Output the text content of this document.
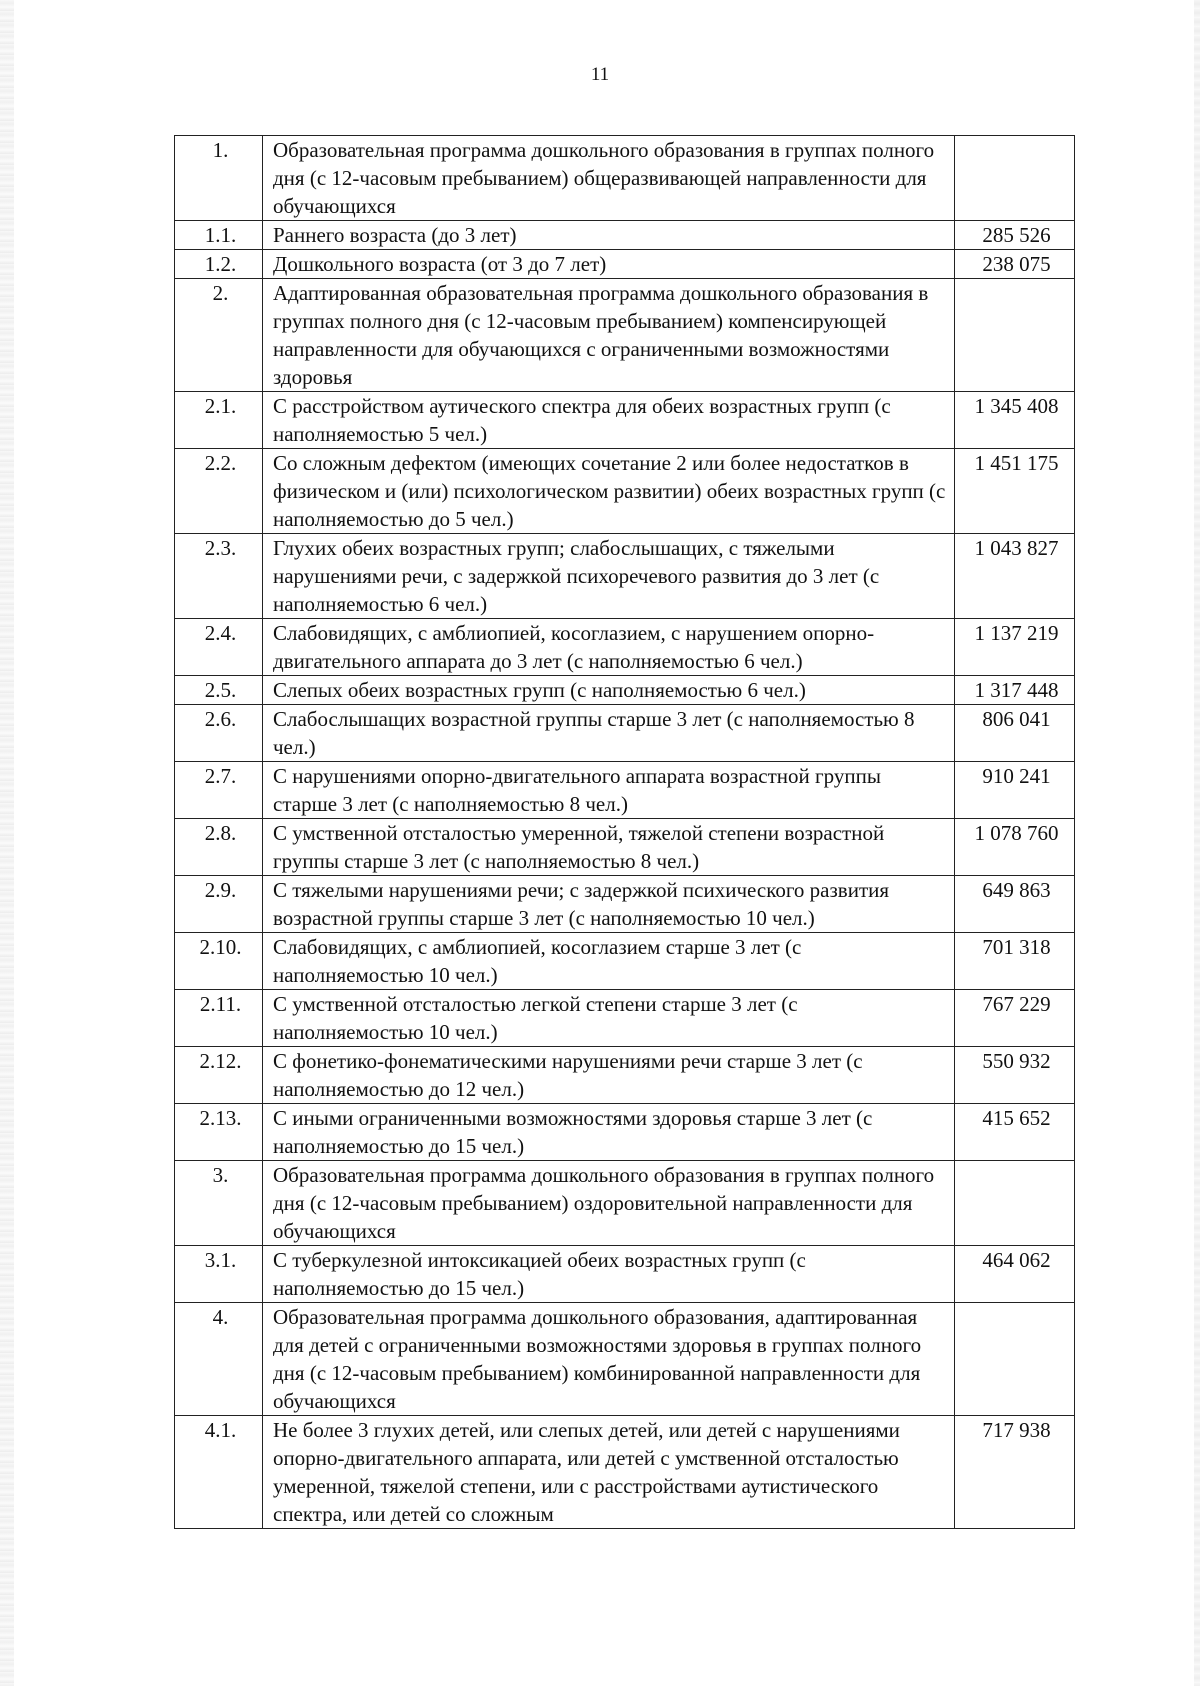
11
1.	Образовательная программа дошкольного образования в группах полного дня (с 12-часовым пребыванием) общеразвивающей направленности для обучающихся	
1.1.	Раннего возраста (до 3 лет)	285 526
1.2.	Дошкольного возраста (от 3 до 7 лет)	238 075
2.	Адаптированная образовательная программа дошкольного образования в группах полного дня (с 12-часовым пребыванием) компенсирующей направленности для обучающихся с ограниченными возможностями здоровья	
2.1.	С расстройством аутического спектра для обеих возрастных групп (с наполняемостью 5 чел.)	1 345 408
2.2.	Со сложным дефектом (имеющих сочетание 2 или более недостатков в физическом и (или) психологическом развитии) обеих возрастных групп (с наполняемостью до 5 чел.)	1 451 175
2.3.	Глухих обеих возрастных групп; слабослышащих, с тяжелыми нарушениями речи, с задержкой психоречевого развития до 3 лет (с наполняемостью 6 чел.)	1 043 827
2.4.	Слабовидящих, с амблиопией, косоглазием, с нарушением опорно-двигательного аппарата до 3 лет (с наполняемостью 6 чел.)	1 137 219
2.5.	Слепых обеих возрастных групп (с наполняемостью 6 чел.)	1 317 448
2.6.	Слабослышащих возрастной группы старше 3 лет (с наполняемостью 8 чел.)	806 041
2.7.	С нарушениями опорно-двигательного аппарата возрастной группы старше 3 лет (с наполняемостью 8 чел.)	910 241
2.8.	С умственной отсталостью умеренной, тяжелой степени возрастной группы старше 3 лет (с наполняемостью 8 чел.)	1 078 760
2.9.	С тяжелыми нарушениями речи; с задержкой психического развития возрастной группы старше 3 лет (с наполняемостью 10 чел.)	649 863
2.10.	Слабовидящих, с амблиопией, косоглазием старше 3 лет (с наполняемостью 10 чел.)	701 318
2.11.	С умственной отсталостью легкой степени старше 3 лет (с наполняемостью 10 чел.)	767 229
2.12.	С фонетико-фонематическими нарушениями речи старше 3 лет (с наполняемостью до 12 чел.)	550 932
2.13.	С иными ограниченными возможностями здоровья старше 3 лет (с наполняемостью до 15 чел.)	415 652
3.	Образовательная программа дошкольного образования в группах полного дня (с 12-часовым пребыванием) оздоровительной направленности для обучающихся	
3.1.	С туберкулезной интоксикацией обеих возрастных групп (с наполняемостью до 15 чел.)	464 062
4.	Образовательная программа дошкольного образования, адаптированная для детей с ограниченными возможностями здоровья в группах полного дня (с 12-часовым пребыванием) комбинированной направленности для обучающихся	
4.1.	Не более 3 глухих детей, или слепых детей, или детей с нарушениями опорно-двигательного аппарата, или детей с умственной отсталостью умеренной, тяжелой степени, или с расстройствами аутистического спектра, или детей со сложным	717 938
